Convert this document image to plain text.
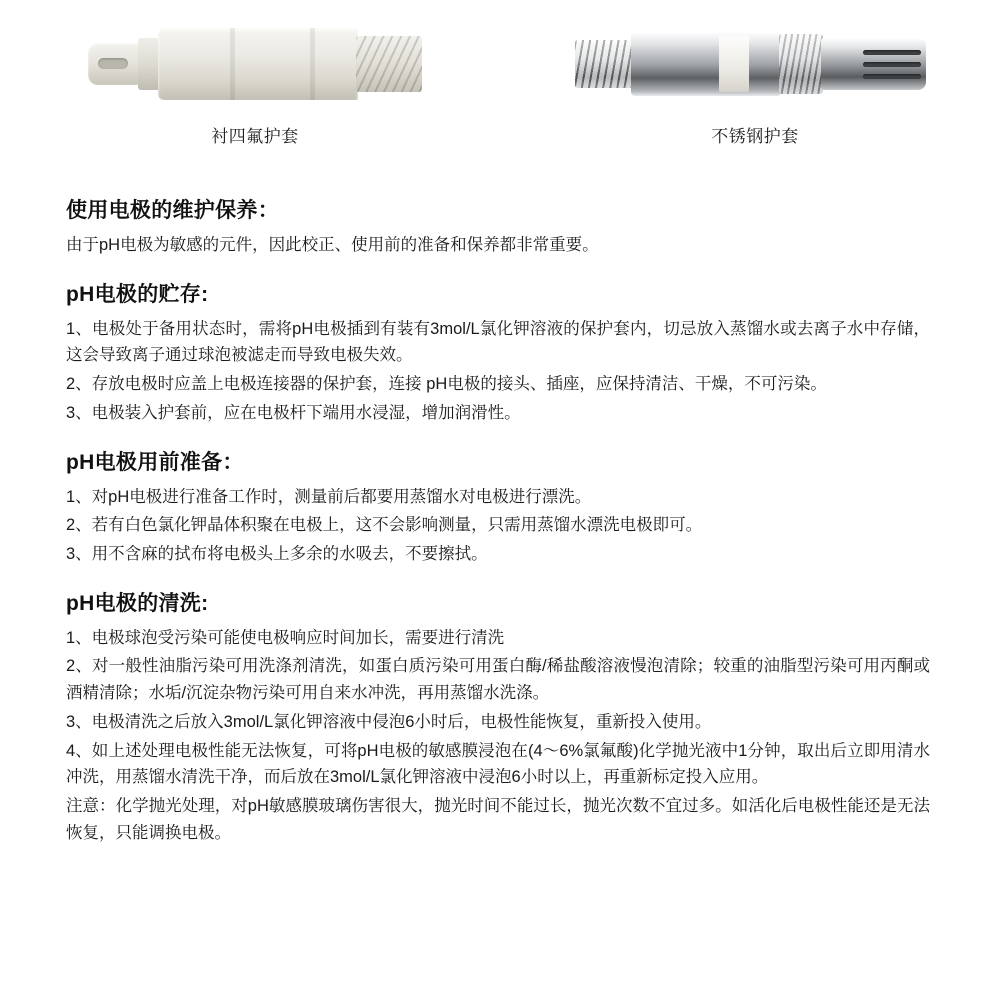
衬四氟护套	不锈钢护套
使用电极的维护保养：

由于pH电极为敏感的元件，因此校正、使用前的准备和保养都非常重要。

pH电极的贮存:

1、电极处于备用状态时，需将pH电极插到有装有3mol/L氯化钾溶液的保护套内，切忌放入蒸馏水或去离子水中存储，这会导致离子通过球泡被滤走而导致电极失效。

2、存放电极时应盖上电极连接器的保护套，连接 pH电极的接头、插座，应保持清洁、干燥，不可污染。

3、电极装入护套前，应在电极杆下端用水浸湿，增加润滑性。

pH电极用前准备：

1、对pH电极进行准备工作时，测量前后都要用蒸馏水对电极进行漂洗。

2、若有白色氯化钾晶体积聚在电极上，这不会影响测量，只需用蒸馏水漂洗电极即可。

3、用不含麻的拭布将电极头上多余的水吸去，不要擦拭。

pH电极的清洗:

1、电极球泡受污染可能使电极响应时间加长，需要进行清洗

2、对一般性油脂污染可用洗涤剂清洗，如蛋白质污染可用蛋白酶/稀盐酸溶液慢泡清除；较重的油脂型污染可用丙酮或酒精清除；水垢/沉淀杂物污染可用自来水冲洗，再用蒸馏水洗涤。

3、电极清洗之后放入3mol/L氯化钾溶液中侵泡6小时后，电极性能恢复，重新投入使用。

4、如上述处理电极性能无法恢复，可将pH电极的敏感膜浸泡在(4～6%氯氟酸)化学抛光液中1分钟，取出后立即用清水冲洗，用蒸馏水清洗干净，而后放在3mol/L氯化钾溶液中浸泡6小时以上，再重新标定投入应用。

注意：化学抛光处理，对pH敏感膜玻璃伤害很大，抛光时间不能过长，抛光次数不宜过多。如活化后电极性能还是无法恢复，只能调换电极。
